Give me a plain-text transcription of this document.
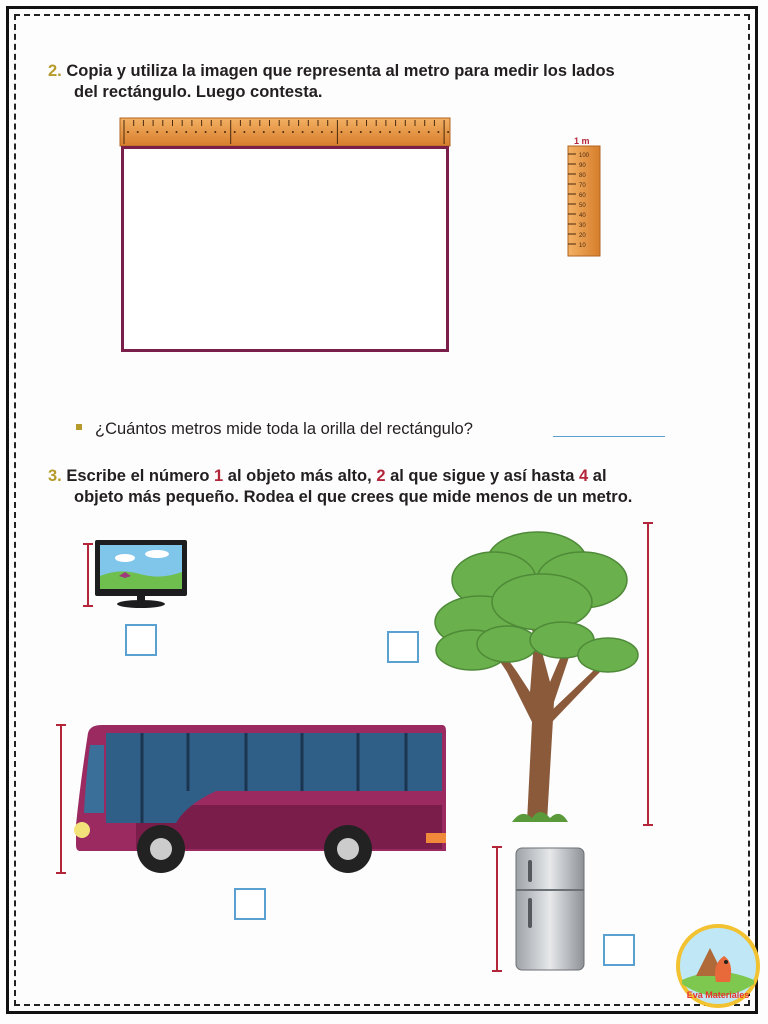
2. Copia y utiliza la imagen que representa al metro para medir los lados
del rectángulo. Luego contesta.
1 m
100
90
80
70
60
50
40
30
20
10
¿Cuántos metros mide toda la orilla del rectángulo?
3. Escribe el número 1 al objeto más alto, 2 al que sigue y así hasta 4 al
objeto más pequeño. Rodea el que crees que mide menos de un metro.
Eva Materiales
